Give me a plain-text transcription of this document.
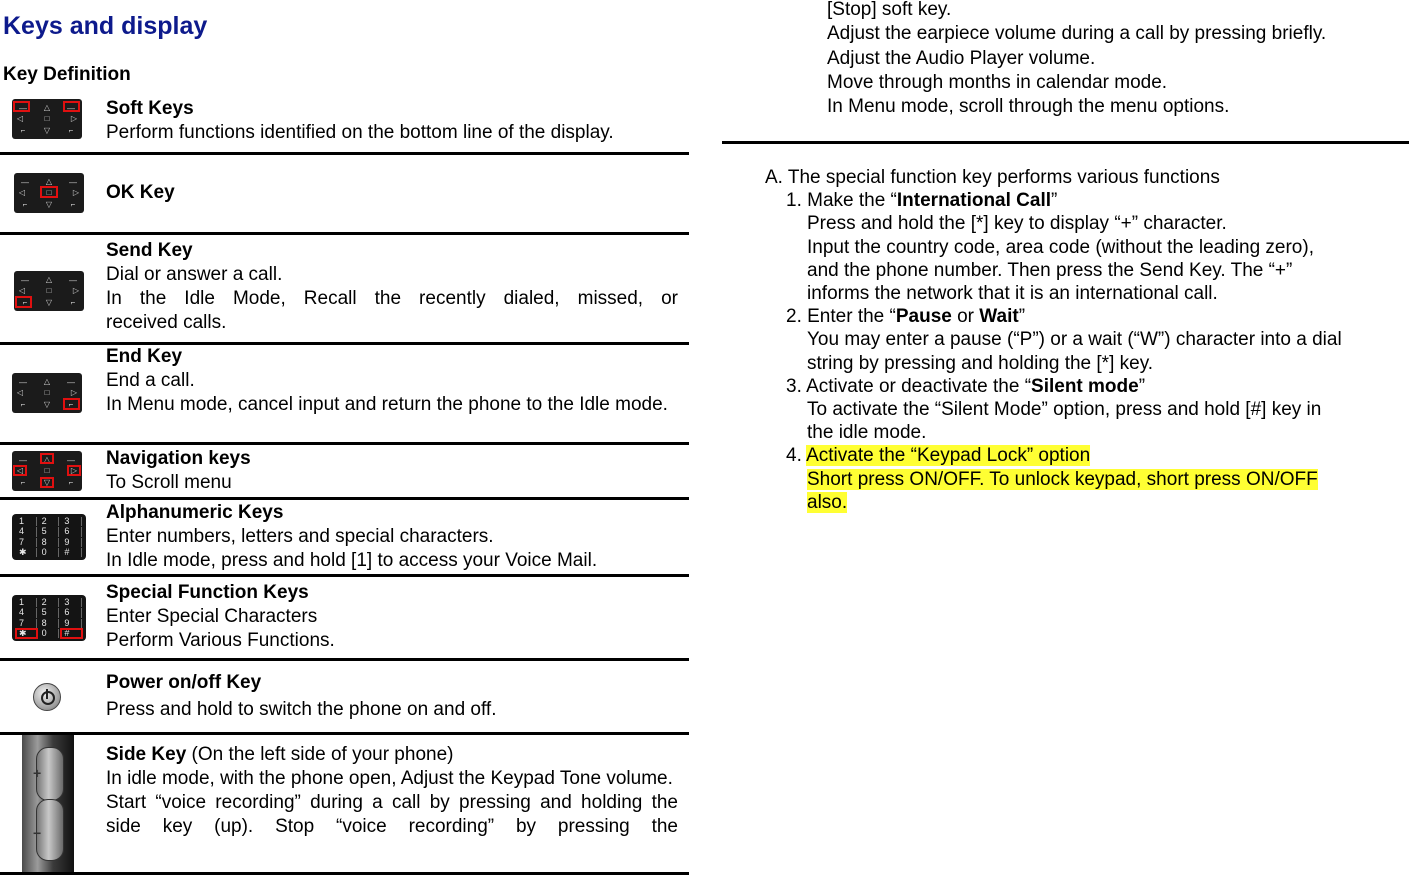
Keys and display
Key Definition
— △ —
◁	□	▷
⌐	▽	⌐
Soft Keys

Perform functions identified on the bottom line of the display.

— △ —
◁	□	▷
⌐	▽	⌐
OK Key
— △ —
◁	□	▷
⌐	▽	⌐
Send Key

Dial or answer a call.

In the Idle Mode, Recall the recently dialed, missed, or

received calls.

— △ —
◁	□	▷
⌐	▽	⌐
End Key

End a call.

In Menu mode, cancel input and return the phone to the Idle mode.

— △ —
◁	□	▷
⌐	▽	⌐
Navigation keys

To Scroll menu

1	2	3
4	5	6
7	8	9
✱	0	#
Alphanumeric Keys

Enter numbers, letters and special characters.

In Idle mode, press and hold [1] to access your Voice Mail.

1	2	3
4	5	6
7	8	9
✱	0	#
Special Function Keys

Enter Special Characters

Perform Various Functions.

Power on/off Key

Press and hold to switch the phone on and off.

Side Key (On the left side of your phone)

In idle mode, with the phone open, Adjust the Keypad Tone volume.

Start “voice recording” during a call by pressing and holding the side key (up). Stop “voice recording” by pressing the

+
−

[Stop] soft key.

Adjust the earpiece volume during a call by pressing briefly.

Adjust the Audio Player volume.

Move through months in calendar mode.

In Menu mode, scroll through the menu options.

A. The special function key performs various functions

1. Make the “International Call”

Press and hold the [*] key to display “+” character.

Input the country code, area code (without the leading zero),

and the phone number. Then press the Send Key. The “+”

informs the network that it is an international call.

2. Enter the “Pause or Wait”

You may enter a pause (“P”) or a wait (“W”) character into a dial

string by pressing and holding the [*] key.

3. Activate or deactivate the “Silent mode”

To activate the “Silent Mode” option, press and hold [#] key in

the idle mode.

4. Activate the “Keypad Lock” option

Short press ON/OFF. To unlock keypad, short press ON/OFF

also.
